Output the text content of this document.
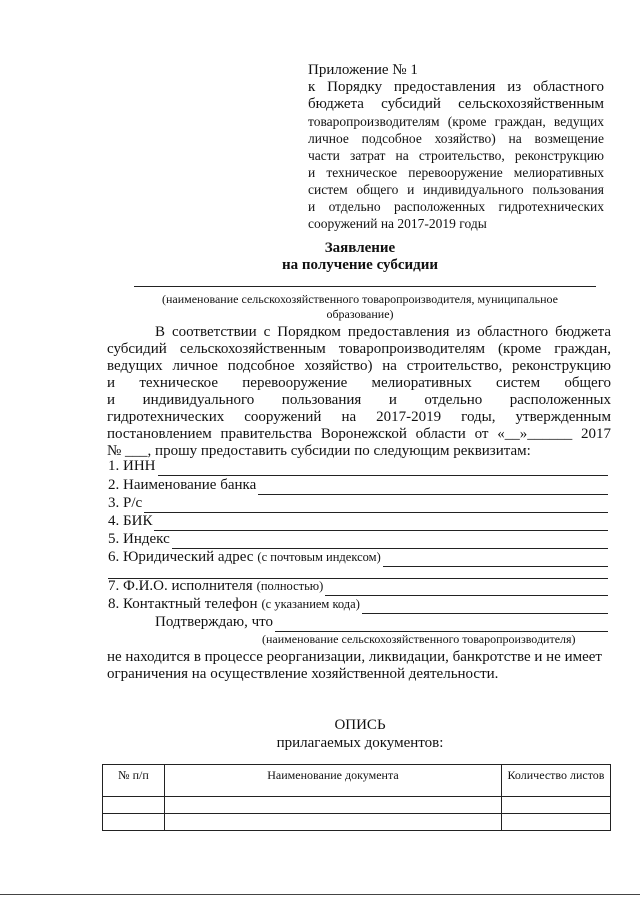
Приложение № 1
к Порядку предоставления из областного
бюджета субсидий сельскохозяйственным
товаропроизводителям (кроме граждан, ведущих
личное подсобное хозяйство) на возмещение
части затрат на строительство, реконструкцию
и техническое перевооружение мелиоративных
систем общего и индивидуального пользования
и отдельно расположенных гидротехнических
сооружений на 2017-2019 годы
Заявление
на получение субсидии
(наименование сельскохозяйственного товаропроизводителя, муниципальное
образование)
В соответствии с Порядком предоставления из областного бюджета
субсидий сельскохозяйственным товаропроизводителям (кроме граждан,
ведущих личное подсобное хозяйство) на строительство, реконструкцию
и техническое перевооружение мелиоративных систем общего
и индивидуального пользования и отдельно расположенных
гидротехнических сооружений на 2017-2019 годы, утвержденным
постановлением правительства Воронежской области от «__»______ 2017
№ ___, прошу предоставить субсидии по следующим реквизитам:
1. ИНН
2. Наименование банка
3. Р/с
4. БИК
5. Индекс
6. Юридический адрес (с почтовым индексом)
7. Ф.И.О. исполнителя (полностью)
8. Контактный телефон (с указанием кода)
Подтверждаю, что
(наименование сельскохозяйственного товаропроизводителя)
не находится в процессе реорганизации, ликвидации, банкротстве и не имеет
ограничения на осуществление хозяйственной деятельности.
ОПИСЬ
прилагаемых документов:
№ п/п	Наименование документа	Количество листов
